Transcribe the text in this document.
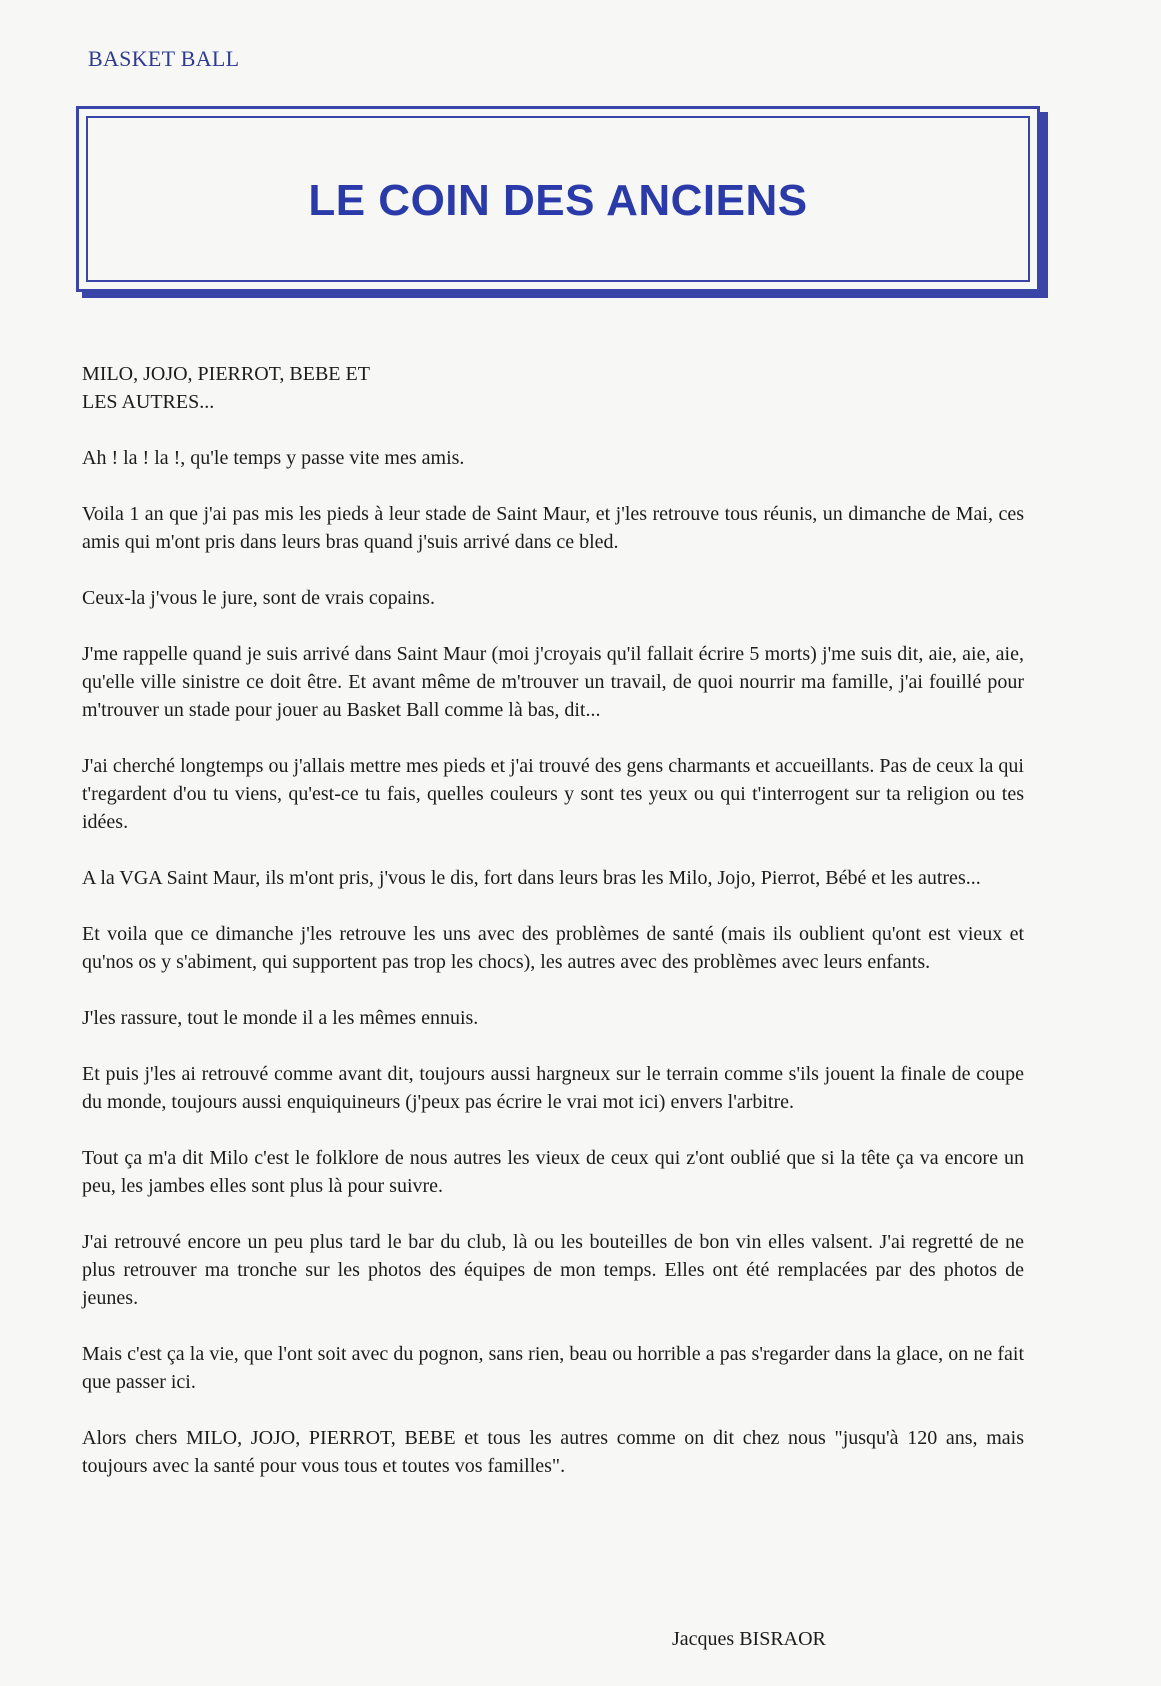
BASKET BALL
LE COIN DES ANCIENS
MILO, JOJO, PIERROT, BEBE ET
LES AUTRES...

Ah ! la ! la !, qu'le temps y passe vite mes amis.

Voila 1 an que j'ai pas mis les pieds à leur stade de Saint Maur, et j'les retrouve tous réunis, un dimanche de Mai, ces amis qui m'ont pris dans leurs bras quand j'suis arrivé dans ce bled.

Ceux-la j'vous le jure, sont de vrais copains.

J'me rappelle quand je suis arrivé dans Saint Maur (moi j'croyais qu'il fallait écrire 5 morts) j'me suis dit, aie, aie, aie, qu'elle ville sinistre ce doit être. Et avant même de m'trouver un travail, de quoi nourrir ma famille, j'ai fouillé pour m'trouver un stade pour jouer au Basket Ball comme là bas, dit...

J'ai cherché longtemps ou j'allais mettre mes pieds et j'ai trouvé des gens charmants et accueillants. Pas de ceux la qui t'regardent d'ou tu viens, qu'est-ce tu fais, quelles couleurs y sont tes yeux ou qui t'interrogent sur ta religion ou tes idées.

A la VGA Saint Maur, ils m'ont pris, j'vous le dis, fort dans leurs bras les Milo, Jojo, Pierrot, Bébé et les autres...

Et voila que ce dimanche j'les retrouve les uns avec des problèmes de santé (mais ils oublient qu'ont est vieux et qu'nos os y s'abiment, qui supportent pas trop les chocs), les autres avec des problèmes avec leurs enfants.

J'les rassure, tout le monde il a les mêmes ennuis.

Et puis j'les ai retrouvé comme avant dit, toujours aussi hargneux sur le terrain comme s'ils jouent la finale de coupe du monde, toujours aussi enquiquineurs (j'peux pas écrire le vrai mot ici) envers l'arbitre.

Tout ça m'a dit Milo c'est le folklore de nous autres les vieux de ceux qui z'ont oublié que si la tête ça va encore un peu, les jambes elles sont plus là pour suivre.

J'ai retrouvé encore un peu plus tard le bar du club, là ou les bouteilles de bon vin elles valsent. J'ai regretté de ne plus retrouver ma tronche sur les photos des équipes de mon temps. Elles ont été remplacées par des photos de jeunes.

Mais c'est ça la vie, que l'ont soit avec du pognon, sans rien, beau ou horrible a pas s'regarder dans la glace, on ne fait que passer ici.

Alors chers MILO, JOJO, PIERROT, BEBE et tous les autres comme on dit chez nous "jusqu'à 120 ans, mais toujours avec la santé pour vous tous et toutes vos familles".

Jacques BISRAOR
